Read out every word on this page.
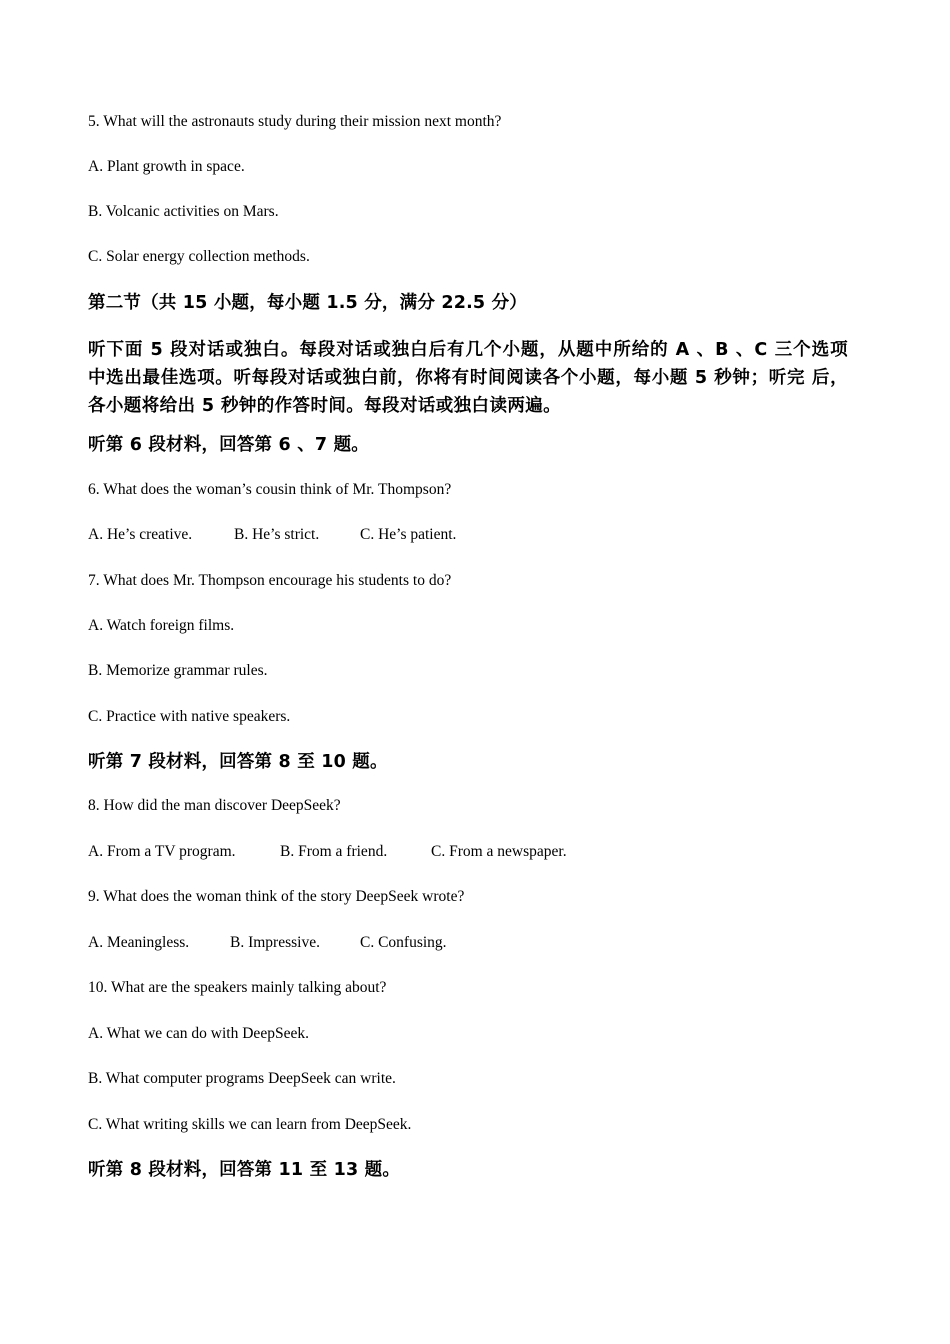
5. What will the astronauts study during their mission next month?

A. Plant growth in space.

B. Volcanic activities on Mars.

C. Solar energy collection methods.

第二节（共 15 小题，每小题 1.5 分，满分 22.5 分）

听下面 5 段对话或独白。每段对话或独白后有几个小题，从题中所给的 A 、B 、C 三个选项 中选出最佳选项。听每段对话或独白前，你将有时间阅读各个小题，每小题 5 秒钟；听完 后，各小题将给出 5 秒钟的作答时间。每段对话或独白读两遍。

听第 6 段材料，回答第 6 、7 题。

6. What does the woman’s cousin think of Mr. Thompson?

A. He’s creative.	B. He’s strict.	C. He’s patient.

7. What does Mr. Thompson encourage his students to do?

A. Watch foreign films.

B. Memorize grammar rules.

C. Practice with native speakers.

听第 7 段材料，回答第 8 至 10 题。

8. How did the man discover DeepSeek?

A. From a TV program.	B. From a friend.	C. From a newspaper.

9. What does the woman think of the story DeepSeek wrote?

A. Meaningless.	B. Impressive.	C. Confusing.

10. What are the speakers mainly talking about?

A. What we can do with DeepSeek.

B. What computer programs DeepSeek can write.

C. What writing skills we can learn from DeepSeek.

听第 8 段材料，回答第 11 至 13 题。
